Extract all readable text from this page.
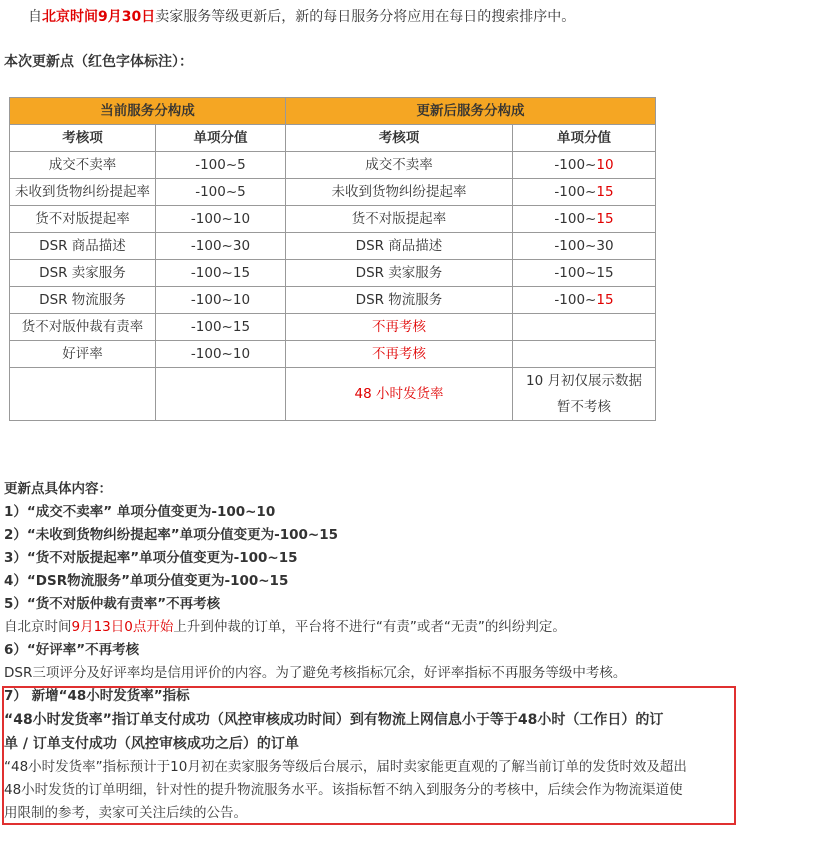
自北京时间9月30日卖家服务等级更新后，新的每日服务分将应用在每日的搜索排序中。
本次更新点（红色字体标注）：
当前服务分构成		更新后服务分构成	
考核项	单项分值	考核项	单项分值
成交不卖率	-100~5	成交不卖率	-100~10
未收到货物纠纷提起率	-100~5	未收到货物纠纷提起率	-100~15
货不对版提起率	-100~10	货不对版提起率	-100~15
DSR 商品描述	-100~30	DSR 商品描述	-100~30
DSR 卖家服务	-100~15	DSR 卖家服务	-100~15
DSR 物流服务	-100~10	DSR 物流服务	-100~15
货不对版仲裁有责率	-100~15	不再考核	
好评率	-100~10	不再考核	
		48 小时发货率	10 月初仅展示数据
暂不考核
更新点具体内容：
1）“成交不卖率” 单项分值变更为-100~10
2）“未收到货物纠纷提起率”单项分值变更为-100~15
3）“货不对版提起率”单项分值变更为-100~15
4）“DSR物流服务”单项分值变更为-100~15
5）“货不对版仲裁有责率”不再考核
自北京时间9月13日0点开始上升到仲裁的订单，平台将不进行“有责”或者“无责”的纠纷判定。
6）“好评率”不再考核
DSR三项评分及好评率均是信用评价的内容。为了避免考核指标冗余，好评率指标不再服务等级中考核。
7） 新增“48小时发货率”指标
“48小时发货率”指订单支付成功（风控审核成功时间）到有物流上网信息小于等于48小时（工作日）的订
单 / 订单支付成功（风控审核成功之后）的订单
“48小时发货率”指标预计于10月初在卖家服务等级后台展示，届时卖家能更直观的了解当前订单的发货时效及超出
48小时发货的订单明细，针对性的提升物流服务水平。该指标暂不纳入到服务分的考核中，后续会作为物流渠道使
用限制的参考，卖家可关注后续的公告。
